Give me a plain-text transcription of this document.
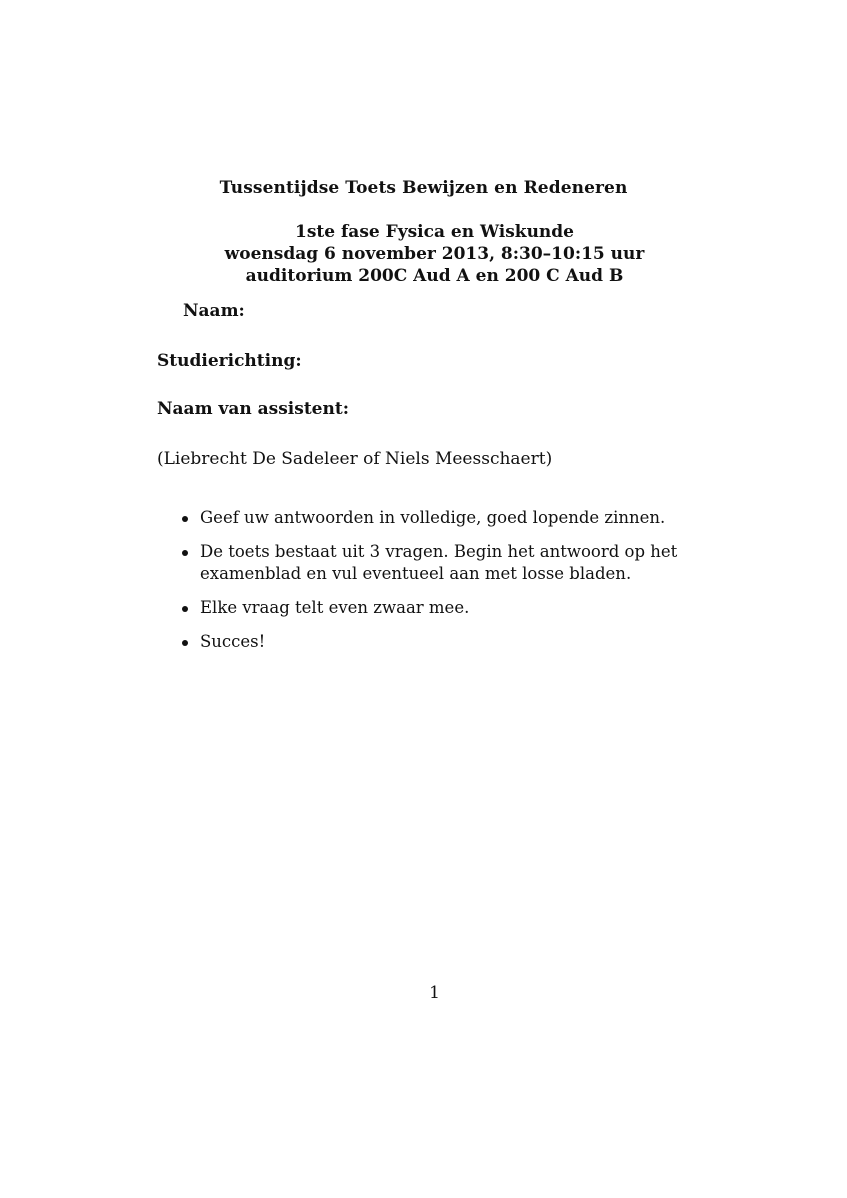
Tussentijdse Toets Bewijzen en Redeneren
1ste fase Fysica en Wiskunde
woensdag 6 november 2013, 8:30–10:15 uur
auditorium 200C Aud A en 200 C Aud B
Naam:
Studierichting:
Naam van assistent:
(Liebrecht De Sadeleer of Niels Meesschaert)
Geef uw antwoorden in volledige, goed lopende zinnen.
De toets bestaat uit 3 vragen. Begin het antwoord op het examenblad en vul eventueel aan met losse bladen.
Elke vraag telt even zwaar mee.
Succes!
1
